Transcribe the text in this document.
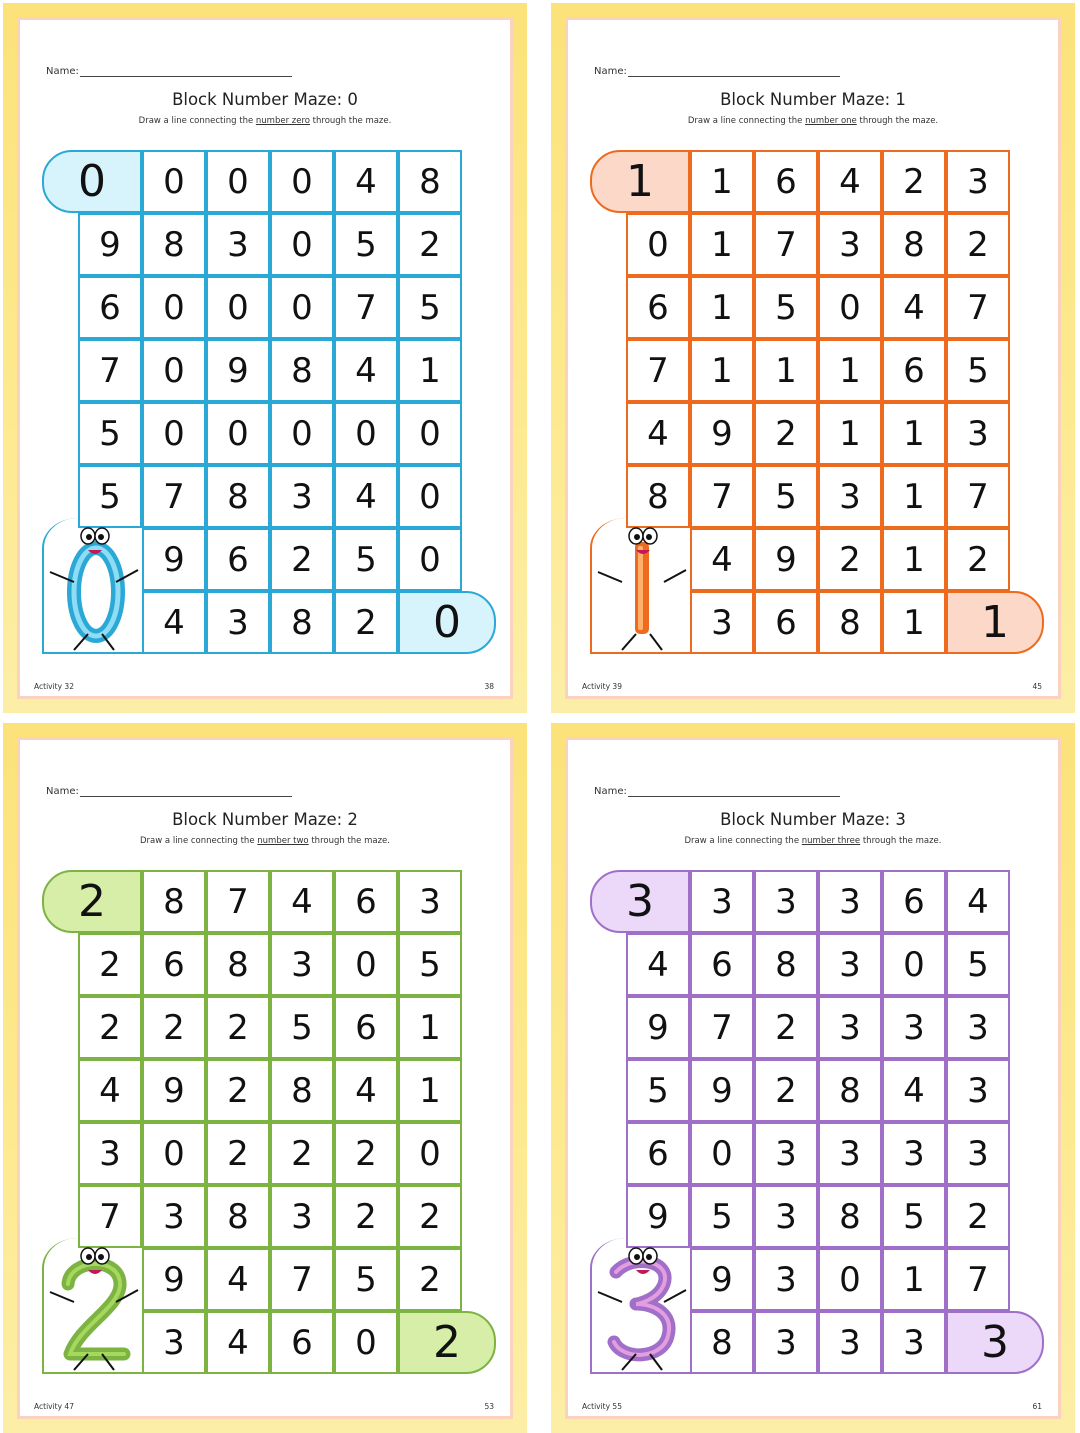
Name:
Block Number Maze: 0
Draw a line connecting the number zero through the maze.
0	0	0	0	4	8
9	8	3	0	5	2
6	0	0	0	7	5
7	0	9	8	4	1
5	0	0	0	0	0
5	7	8	3	4	0
9	6	2	5	0
4	3	8	2	0
Activity 32	38
Name:
Block Number Maze: 1
Draw a line connecting the number one through the maze.
1	1	6	4	2	3
0	1	7	3	8	2
6	1	5	0	4	7
7	1	1	1	6	5
4	9	2	1	1	3
8	7	5	3	1	7
4	9	2	1	2
3	6	8	1	1
Activity 39	45
Name:
Block Number Maze: 2
Draw a line connecting the number two through the maze.
2	8	7	4	6	3
2	6	8	3	0	5
2	2	2	5	6	1
4	9	2	8	4	1
3	0	2	2	2	0
7	3	8	3	2	2
9	4	7	5	2
3	4	6	0	2
Activity 47	53
Name:
Block Number Maze: 3
Draw a line connecting the number three through the maze.
3	3	3	3	6	4
4	6	8	3	0	5
9	7	2	3	3	3
5	9	2	8	4	3
6	0	3	3	3	3
9	5	3	8	5	2
9	3	0	1	7
8	3	3	3	3
Activity 55	61
